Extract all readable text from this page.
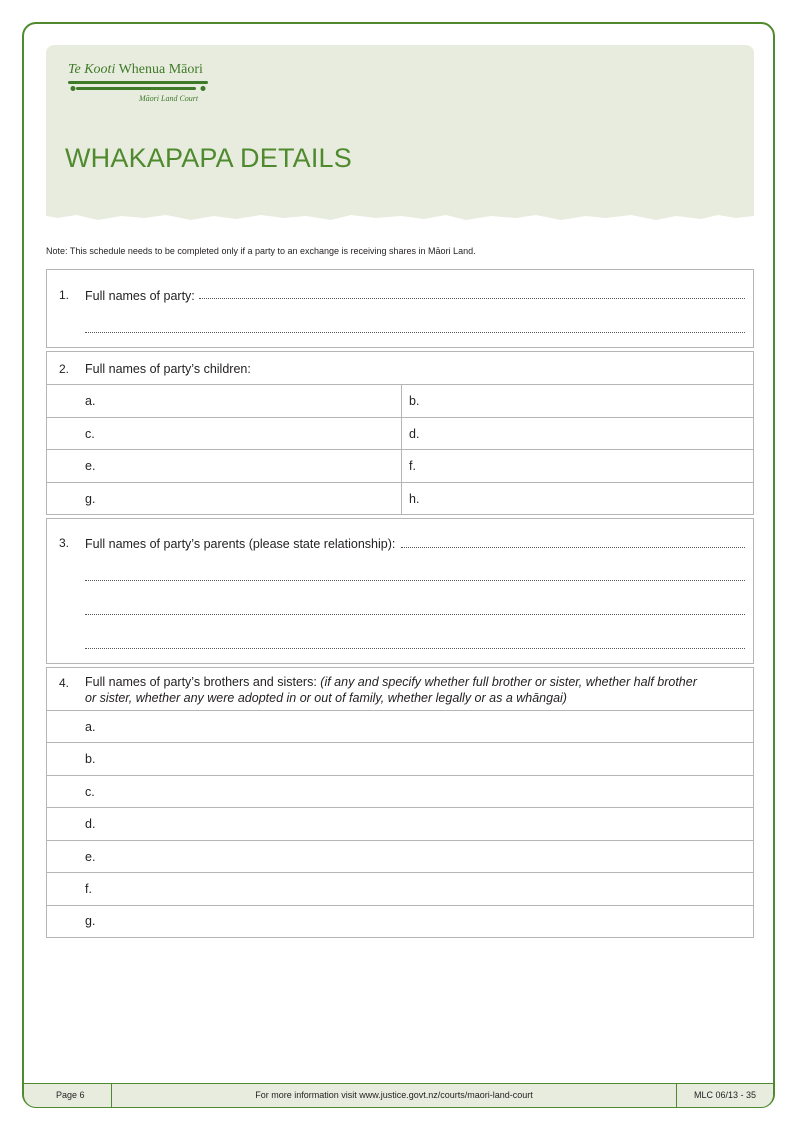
Te Kooti Whenua Māori
Māori Land Court
WHAKAPAPA DETAILS
Note: This schedule needs to be completed only if a party to an exchange is receiving shares in Māori Land.
1. Full names of party:
2. Full names of party’s children:
a.
c.
e.
g.
b.
d.
f.
h.
3. Full names of party’s parents (please state relationship):
4. Full names of party’s brothers and sisters: (if any and specify whether full brother or sister, whether half brother
or sister, whether any were adopted in or out of family, whether legally or as a whāngai)
a.
b.
c.
d.
e.
f.
g.
Page 6	For more information visit www.justice.govt.nz/courts/maori-land-court	MLC 06/13 - 35
